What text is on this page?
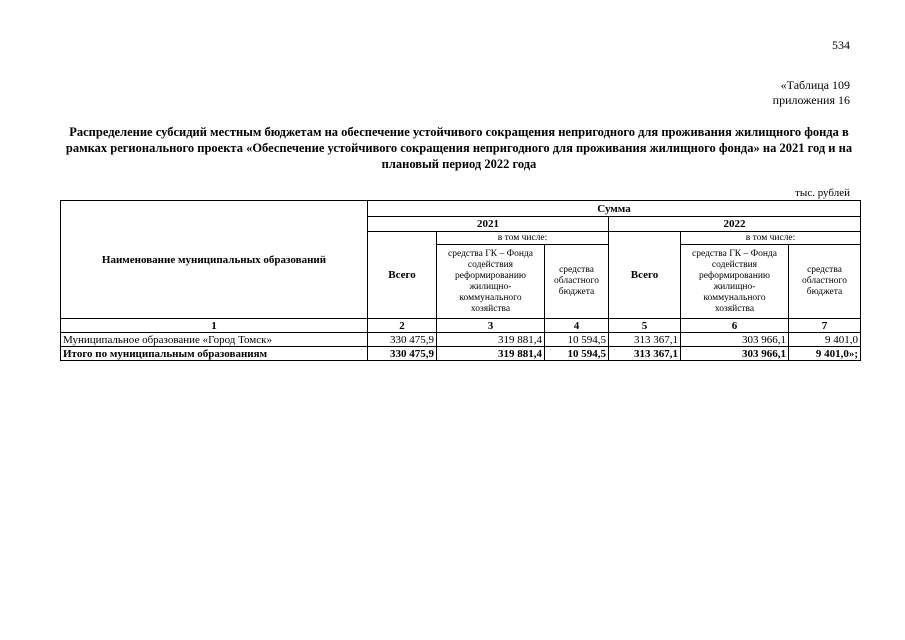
534
«Таблица 109
приложения 16
Распределение субсидий местным бюджетам на обеспечение устойчивого сокращения непригодного для проживания жилищного фонда в рамках регионального проекта «Обеспечение устойчивого сокращения непригодного для проживания жилищного фонда» на 2021 год и на плановый период 2022 года
тыс. рублей
Наименование муниципальных образований	Сумма					
	2021			2022		
	Всего	в том числе:		Всего	в том числе:	
		средства ГК – Фонда содействия реформированию жилищно-коммунального хозяйства	средства областного бюджета		средства ГК – Фонда содействия реформированию жилищно-коммунального хозяйства	средства областного бюджета
1	2	3	4	5	6	7
Муниципальное образование «Город Томск»	330 475,9	319 881,4	10 594,5	313 367,1	303 966,1	9 401,0
Итого по муниципальным образованиям	330 475,9	319 881,4	10 594,5	313 367,1	303 966,1	9 401,0»;
